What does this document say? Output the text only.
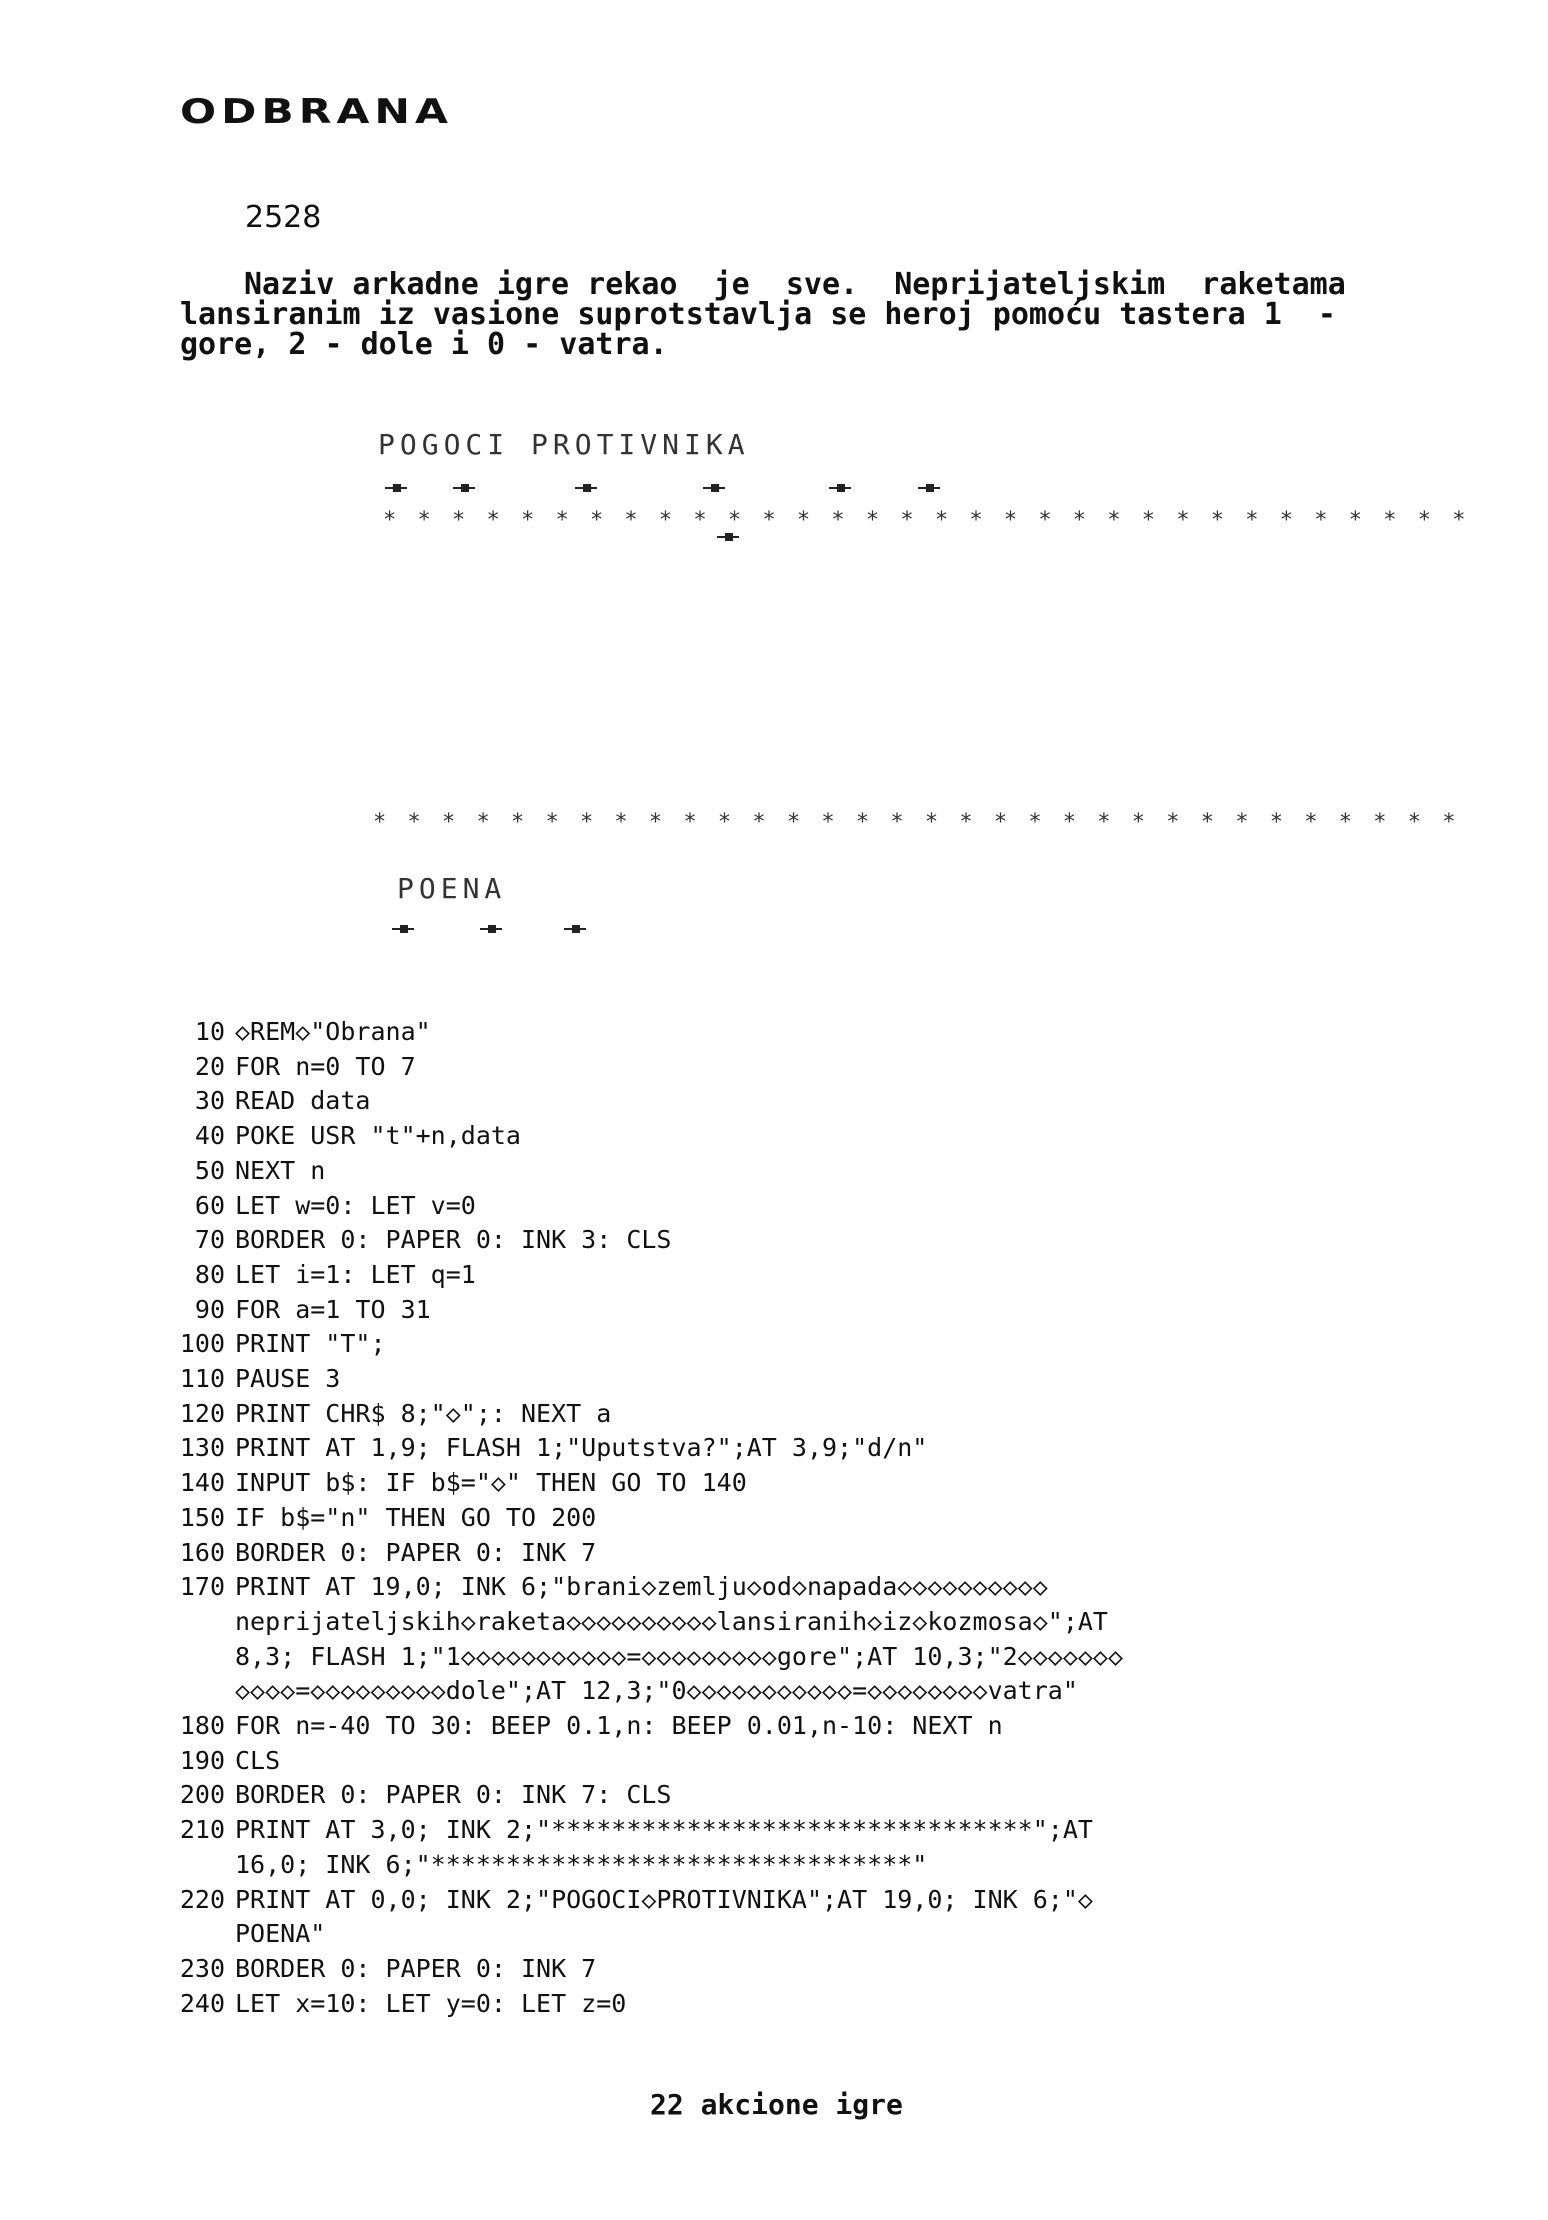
ODBRANA
2528
Naziv arkadne igre rekao  je  sve.  Neprijateljskim  raketama
lansiranim iz vasione suprotstavlja se heroj pomoću tastera 1  -
gore, 2 - dole i 0 - vatra.
POGOCI PROTIVNIKA
* * * * * * * * * * * * * * * * * * * * * * * * * * * * * * * *
* * * * * * * * * * * * * * * * * * * * * * * * * * * * * * * *
POENA
10 ◇REM◇"Obrana"
20 FOR n=0 TO 7
30 READ data
40 POKE USR "t"+n,data
50 NEXT n
60 LET w=0: LET v=0
70 BORDER 0: PAPER 0: INK 3: CLS
80 LET i=1: LET q=1
90 FOR a=1 TO 31
100 PRINT "T";
110 PAUSE 3
120 PRINT CHR$ 8;"◇";: NEXT a
130 PRINT AT 1,9; FLASH 1;"Uputstva?";AT 3,9;"d/n"
140 INPUT b$: IF b$="◇" THEN GO TO 140
150 IF b$="n" THEN GO TO 200
160 BORDER 0: PAPER 0: INK 7
170 PRINT AT 19,0; INK 6;"brani◇zemlju◇od◇napada◇◇◇◇◇◇◇◇◇◇
neprijateljskih◇raketa◇◇◇◇◇◇◇◇◇◇lansiranih◇iz◇kozmosa◇";AT
8,3; FLASH 1;"1◇◇◇◇◇◇◇◇◇◇◇=◇◇◇◇◇◇◇◇◇gore";AT 10,3;"2◇◇◇◇◇◇◇
◇◇◇◇=◇◇◇◇◇◇◇◇◇dole";AT 12,3;"0◇◇◇◇◇◇◇◇◇◇◇=◇◇◇◇◇◇◇◇vatra"
180 FOR n=-40 TO 30: BEEP 0.1,n: BEEP 0.01,n-10: NEXT n
190 CLS
200 BORDER 0: PAPER 0: INK 7: CLS
210 PRINT AT 3,0; INK 2;"********************************";AT
16,0; INK 6;"********************************"
220 PRINT AT 0,0; INK 2;"POGOCI◇PROTIVNIKA";AT 19,0; INK 6;"◇
POENA"
230 BORDER 0: PAPER 0: INK 7
240 LET x=10: LET y=0: LET z=0
22 akcione igre
